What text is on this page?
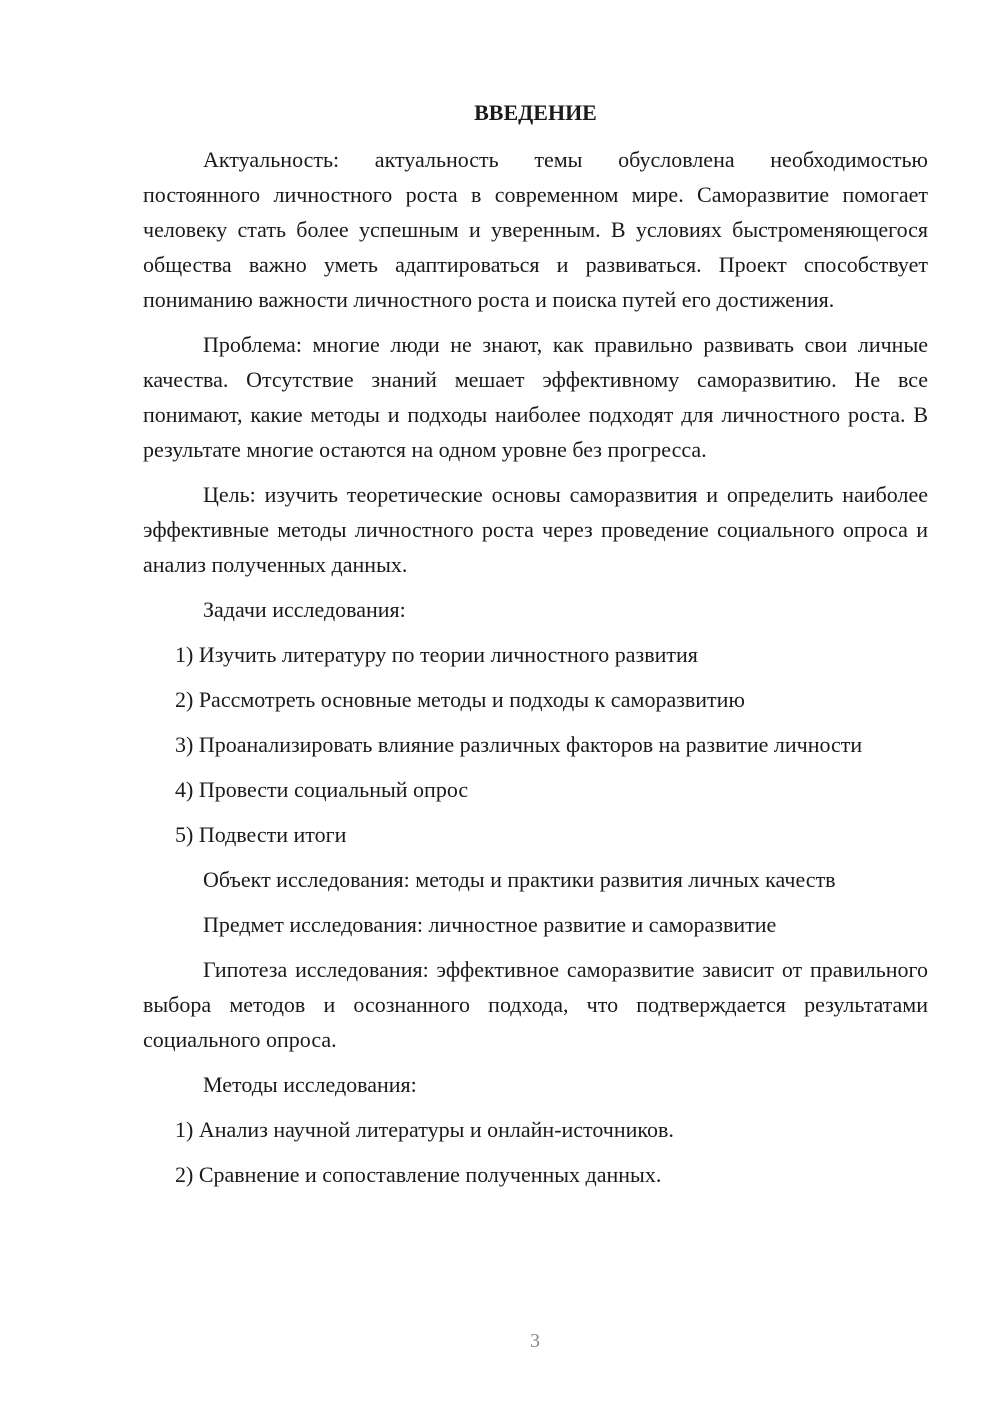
ВВЕДЕНИЕ

Актуальность: актуальность темы обусловлена необходимостью постоянного личностного роста в современном мире. Саморазвитие помогает человеку стать более успешным и уверенным. В условиях быстроменяющегося общества важно уметь адаптироваться и развиваться. Проект способствует пониманию важности личностного роста и поиска путей его достижения.

Проблема: многие люди не знают, как правильно развивать свои личные качества. Отсутствие знаний мешает эффективному саморазвитию. Не все понимают, какие методы и подходы наиболее подходят для личностного роста. В результате многие остаются на одном уровне без прогресса.

Цель: изучить теоретические основы саморазвития и определить наиболее эффективные методы личностного роста через проведение социального опроса и анализ полученных данных.

Задачи исследования:

1) Изучить литературу по теории личностного развития

2) Рассмотреть основные методы и подходы к саморазвитию

3) Проанализировать влияние различных факторов на развитие личности

4) Провести социальный опрос

5) Подвести итоги

Объект исследования: методы и практики развития личных качеств

Предмет исследования: личностное развитие и саморазвитие

Гипотеза исследования: эффективное саморазвитие зависит от правильного выбора методов и осознанного подхода, что подтверждается результатами социального опроса.

Методы исследования:

1) Анализ научной литературы и онлайн-источников.

2) Сравнение и сопоставление полученных данных.

3
